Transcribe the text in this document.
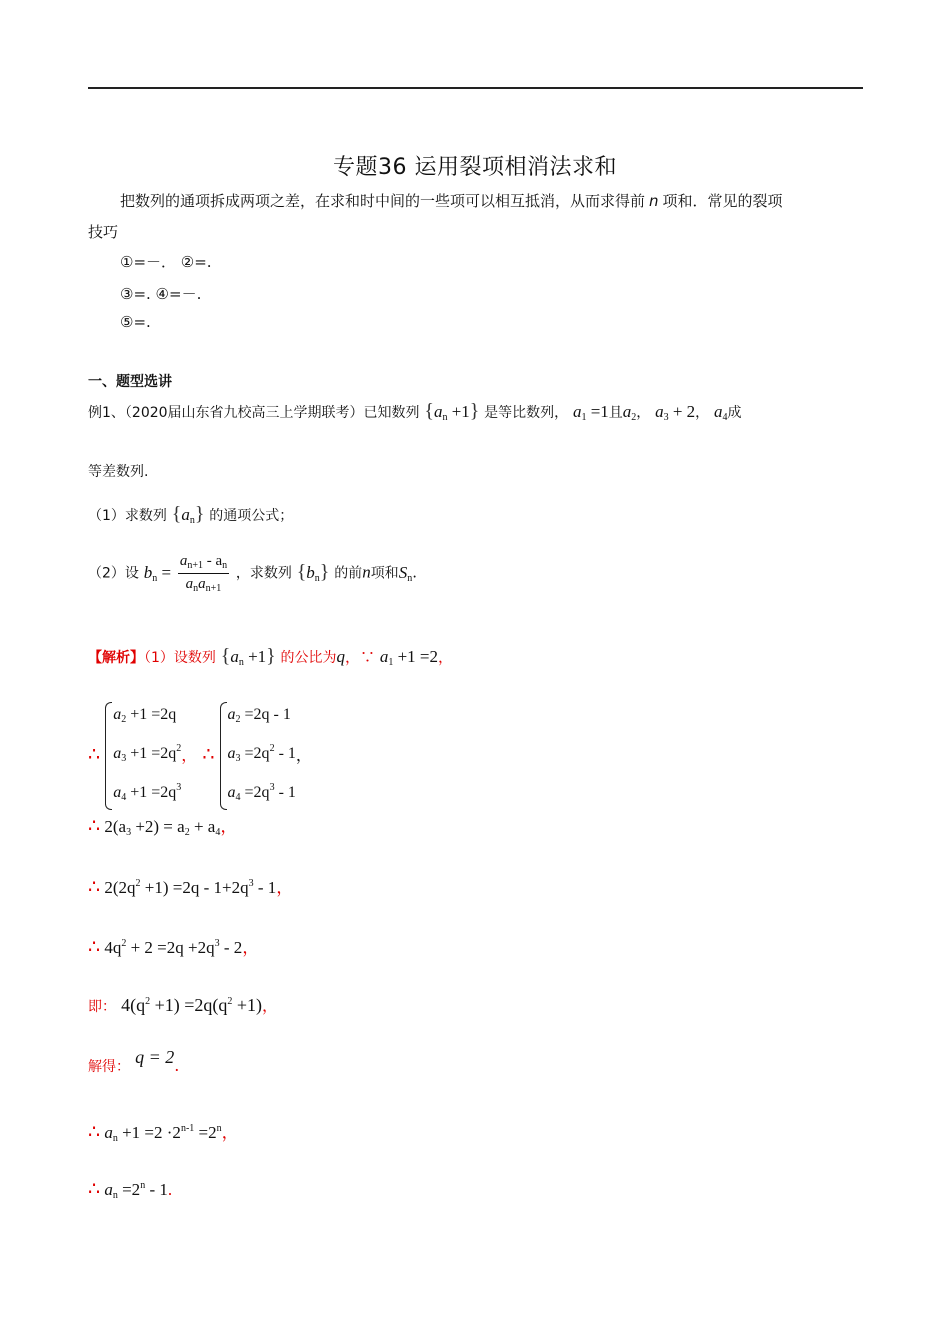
专题36 运用裂项相消法求和
把数列的通项拆成两项之差，在求和时中间的一些项可以相互抵消，从而求得前 n 项和．常见的裂项
技巧
①=－． ②=.
③=. ④=－.
⑤=.
一、题型选讲
例1、（2020届山东省九校高三上学期联考）已知数列 $\{a_n +1\}$ 是等比数列， $a_1 =1$且$a_2$， $a_3 + 2$， $a_4$成
等差数列.
（1）求数列 $\{a_n\}$ 的通项公式；
（2）设 $b_n = \frac{a_{n+1} - a_n}{a_na_{n+1}}$ ，求数列 $\{b_n\}$ 的前n项和$S_n$.
【解析】（1）设数列 $\{a_n +1\}$ 的公比为q，∵ $a_1 +1 =2$，
∴
$a_2 +1 =2q$
$a_3 +1 =2q^2$
$a_4 +1 =2q^3$
， ∴
$a_2 =2q - 1$
$a_3 =2q^2 - 1$
$a_4 =2q^3 - 1$
，
∴ $2(a_3 +2) = a_2 + a_4$，
∴ $2(2q^2 +1) =2q - 1+2q^3 - 1$，
∴ $4q^2 + 2 =2q +2q^3 - 2$，
即： $4(q^2 +1) =2q(q^2 +1)$，
解得： q = 2.
∴ $a_n +1 =2 \cdot 2^{n-1} =2^n$，
∴ $a_n =2^n - 1$.
